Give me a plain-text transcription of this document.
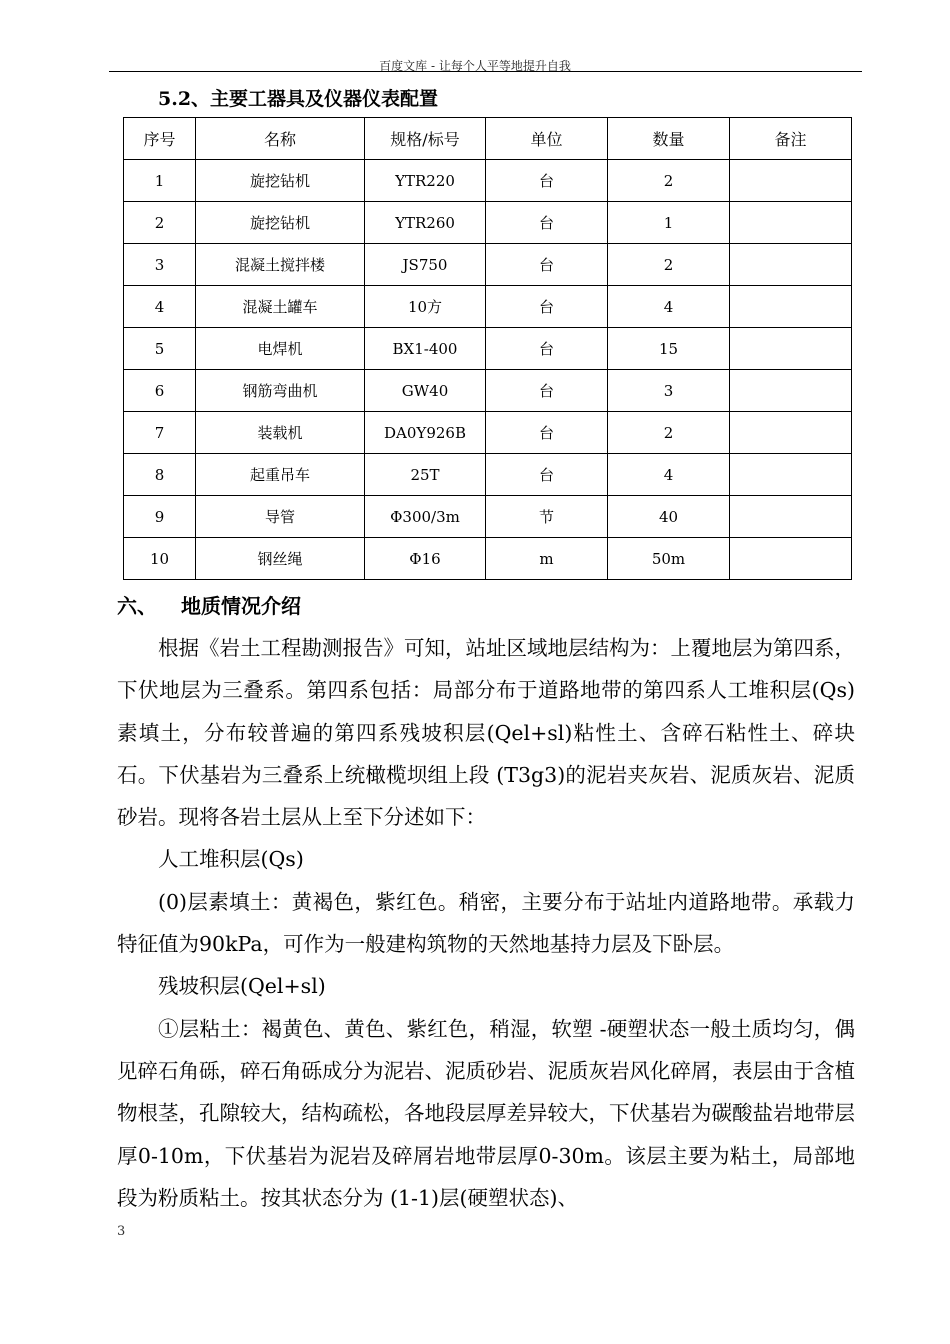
百度文库 - 让每个人平等地提升自我
5.2、主要工器具及仪器仪表配置
序号	名称	规格/标号	单位	数量	备注
1	旋挖钻机	YTR220	台	2	
2	旋挖钻机	YTR260	台	1	
3	混凝土搅拌楼	JS750	台	2	
4	混凝土罐车	10方	台	4	
5	电焊机	BX1-400	台	15	
6	钢筋弯曲机	GW40	台	3	
7	装载机	DA0Y926B	台	2	
8	起重吊车	25T	台	4	
9	导管	Φ300/3m	节	40	
10	钢丝绳	Φ16	m	50m	
六、 地质情况介绍

根据《岩土工程勘测报告》可知，站址区域地层结构为：上覆地层为第四系，下伏地层为三叠系。第四系包括：局部分布于道路地带的第四系人工堆积层(Qs)素填土，分布较普遍的第四系残坡积层(Qel+sl)粘性土、含碎石粘性土、碎块石。下伏基岩为三叠系上统橄榄坝组上段 (T3g3)的泥岩夹灰岩、泥质灰岩、泥质砂岩。现将各岩土层从上至下分述如下：

人工堆积层(Qs)

(0)层素填土：黄褐色，紫红色。稍密，主要分布于站址内道路地带。承载力特征值为90kPa，可作为一般建构筑物的天然地基持力层及下卧层。

残坡积层(Qel+sl)

①层粘土：褐黄色、黄色、紫红色，稍湿，软塑 -硬塑状态一般土质均匀，偶见碎石角砾，碎石角砾成分为泥岩、泥质砂岩、泥质灰岩风化碎屑，表层由于含植物根茎，孔隙较大，结构疏松，各地段层厚差异较大，下伏基岩为碳酸盐岩地带层厚0-10m，下伏基岩为泥岩及碎屑岩地带层厚0-30m。该层主要为粘土，局部地段为粉质粘土。按其状态分为 (1-1)层(硬塑状态)、

3
